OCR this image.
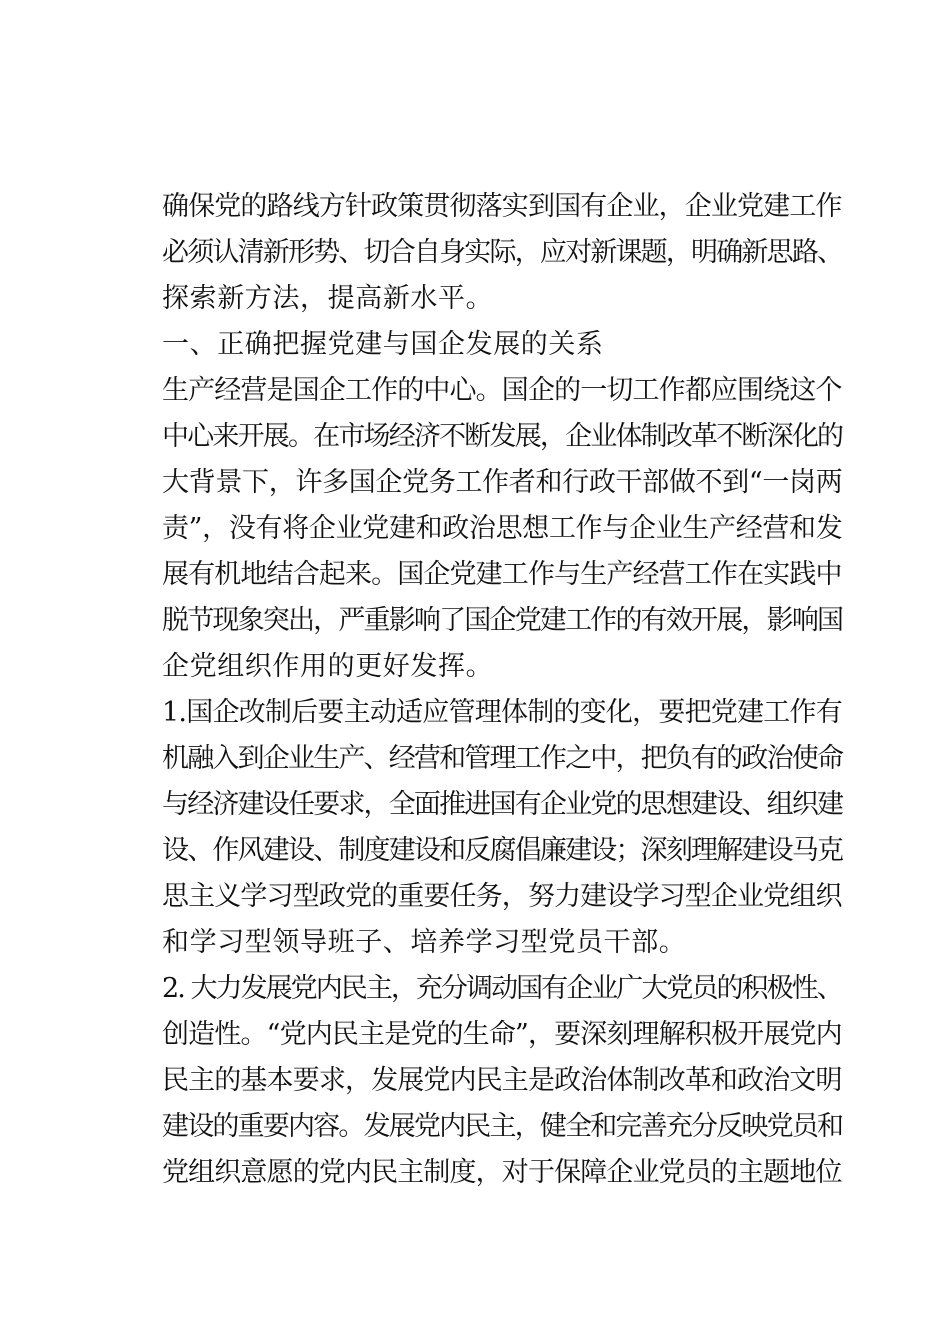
确保党的路线方针政策贯彻落实到国有企业，企业党建工作
必须认清新形势、切合自身实际，应对新课题，明确新思路、
探索新方法，提高新水平。
一、正确把握党建与国企发展的关系
生产经营是国企工作的中心。国企的一切工作都应围绕这个
中心来开展。在市场经济不断发展，企业体制改革不断深化的
大背景下，许多国企党务工作者和行政干部做不到“一岗两
责”，没有将企业党建和政治思想工作与企业生产经营和发
展有机地结合起来。国企党建工作与生产经营工作在实践中
脱节现象突出，严重影响了国企党建工作的有效开展，影响国
企党组织作用的更好发挥。
1.国企改制后要主动适应管理体制的变化，要把党建工作有
机融入到企业生产、经营和管理工作之中，把负有的政治使命
与经济建设任要求，全面推进国有企业党的思想建设、组织建
设、作风建设、制度建设和反腐倡廉建设；深刻理解建设马克
思主义学习型政党的重要任务，努力建设学习型企业党组织
和学习型领导班子、培养学习型党员干部。
2. 大力发展党内民主，充分调动国有企业广大党员的积极性、
创造性。“党内民主是党的生命”，要深刻理解积极开展党内
民主的基本要求，发展党内民主是政治体制改革和政治文明
建设的重要内容。发展党内民主，健全和完善充分反映党员和
党组织意愿的党内民主制度，对于保障企业党员的主题地位
